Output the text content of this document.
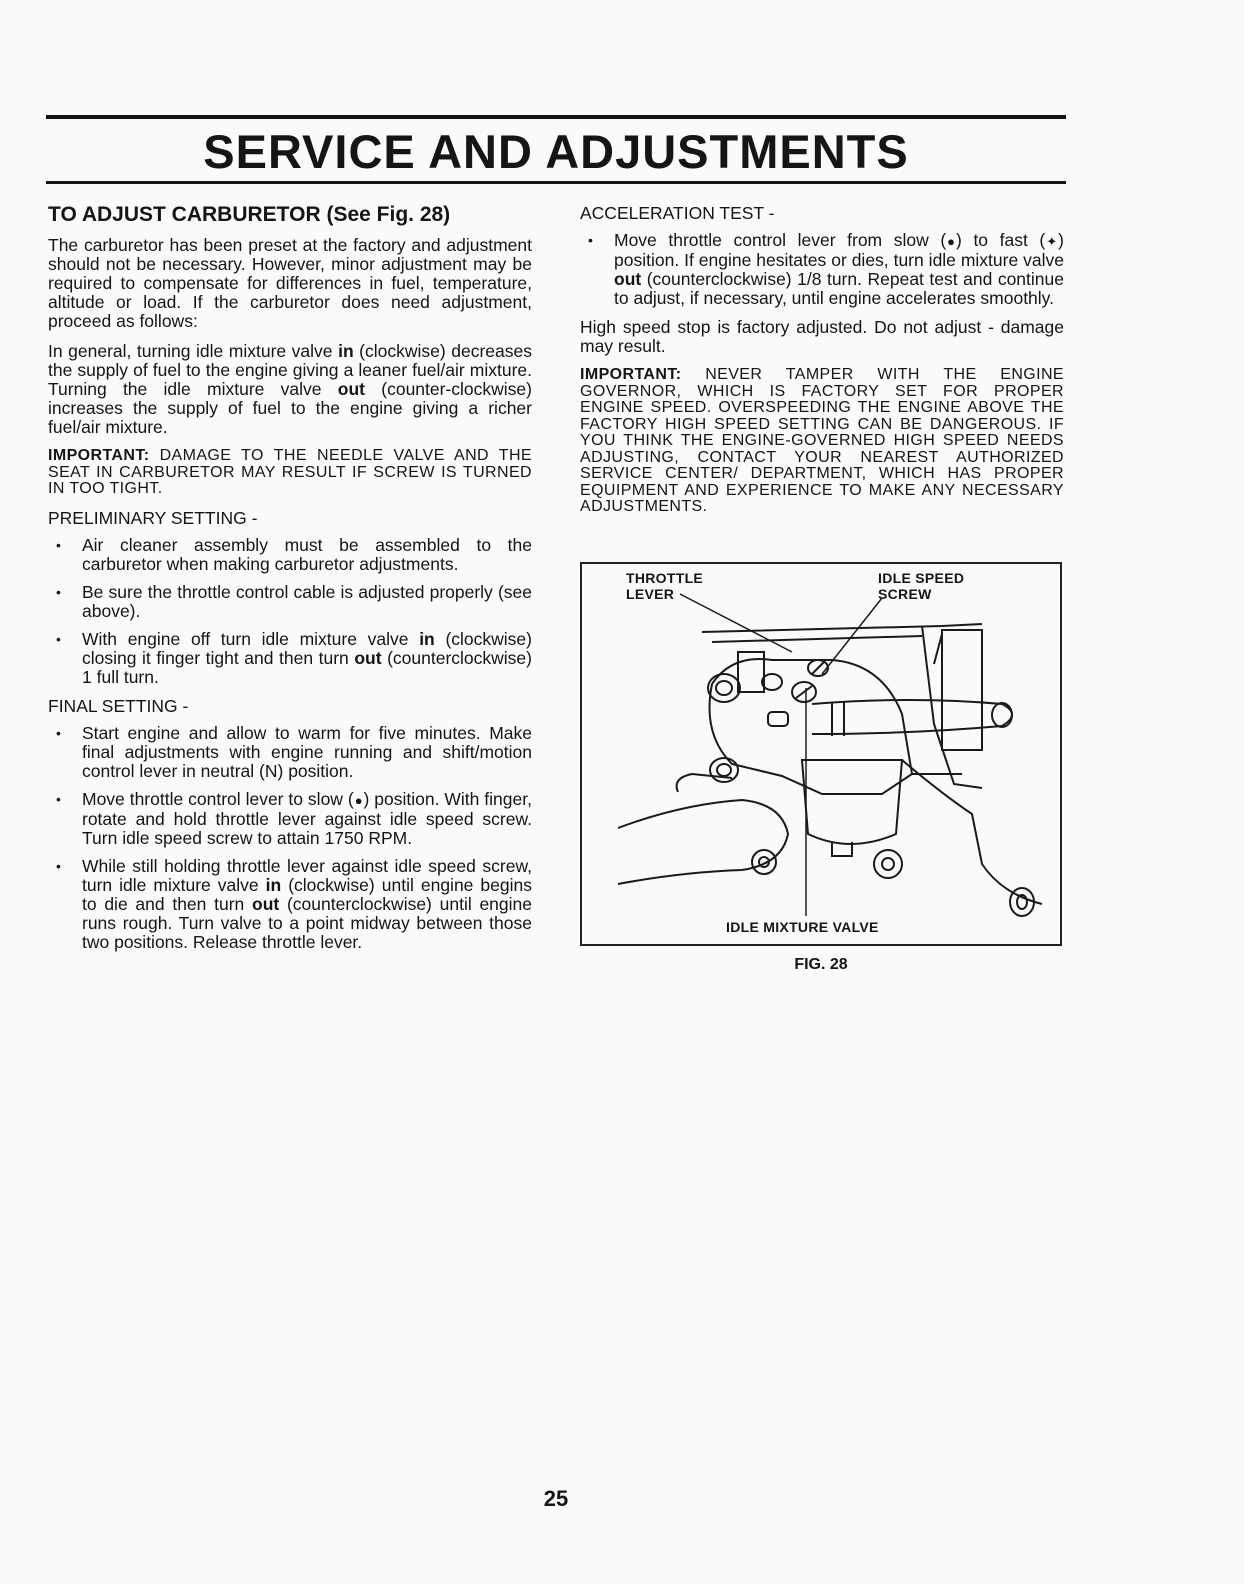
SERVICE AND ADJUSTMENTS
TO ADJUST CARBURETOR (See Fig. 28)

The carburetor has been preset at the factory and adjustment should not be necessary. However, minor adjustment may be required to compensate for differences in fuel, temperature, altitude or load. If the carburetor does need adjustment, proceed as follows:

In general, turning idle mixture valve in (clockwise) decreases the supply of fuel to the engine giving a leaner fuel/air mixture. Turning the idle mixture valve out (counter-clockwise) increases the supply of fuel to the engine giving a richer fuel/air mixture.

IMPORTANT: DAMAGE TO THE NEEDLE VALVE AND THE SEAT IN CARBURETOR MAY RESULT IF SCREW IS TURNED IN TOO TIGHT.

PRELIMINARY SETTING -
• Air cleaner assembly must be assembled to the carburetor when making carburetor adjustments.
• Be sure the throttle control cable is adjusted properly (see above).
• With engine off turn idle mixture valve in (clockwise) closing it finger tight and then turn out (counterclockwise) 1 full turn.
FINAL SETTING -
• Start engine and allow to warm for five minutes. Make final adjustments with engine running and shift/motion control lever in neutral (N) position.
• Move throttle control lever to slow (●) position. With finger, rotate and hold throttle lever against idle speed screw. Turn idle speed screw to attain 1750 RPM.
• While still holding throttle lever against idle speed screw, turn idle mixture valve in (clockwise) until engine begins to die and then turn out (counterclockwise) until engine runs rough. Turn valve to a point midway between those two positions. Release throttle lever.
ACCELERATION TEST -
• Move throttle control lever from slow (●) to fast (✦) position. If engine hesitates or dies, turn idle mixture valve out (counterclockwise) 1/8 turn. Repeat test and continue to adjust, if necessary, until engine accelerates smoothly.

High speed stop is factory adjusted. Do not adjust - damage may result.

IMPORTANT: NEVER TAMPER WITH THE ENGINE GOVERNOR, WHICH IS FACTORY SET FOR PROPER ENGINE SPEED. OVERSPEEDING THE ENGINE ABOVE THE FACTORY HIGH SPEED SETTING CAN BE DANGEROUS. IF YOU THINK THE ENGINE-GOVERNED HIGH SPEED NEEDS ADJUSTING, CONTACT YOUR NEAREST AUTHORIZED SERVICE CENTER/ DEPARTMENT, WHICH HAS PROPER EQUIPMENT AND EXPERIENCE TO MAKE ANY NECESSARY ADJUSTMENTS.

THROTTLE
LEVER
IDLE SPEED
SCREW
IDLE MIXTURE VALVE
FIG. 28
25
